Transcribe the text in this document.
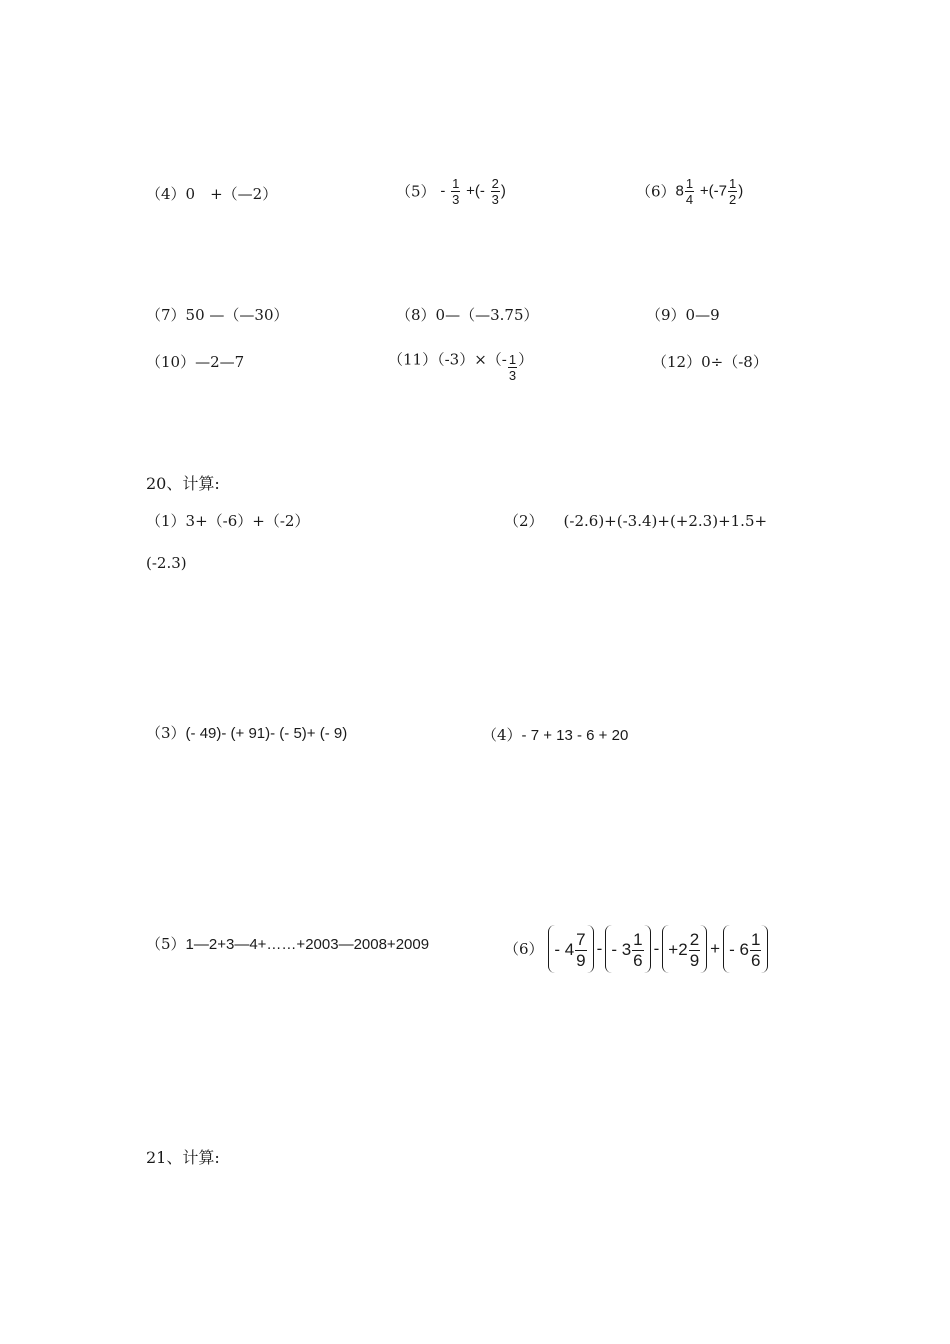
（4）0　+（—2）	$(5) - \frac{1}{3}$ +(- $\frac{2}{3}$ )	$(6)8 \frac{1}{4} +(-7 \frac{1}{2}$ )
（7）50 —（—30）	（8）0—（—3.75）	（9）0—9
（10）—2—7	$(11)(-3)\times(- \frac{1}{3}$ ）	（12）0÷（-8）
20、计算:
（1）3+（-6）+（-2）	（2） (-2.6)+(-3.4)+(+2.3)+1.5+
(-2.3)
（3）(- 49)- (+ 91)- (- 5)+ (- 9)	（4）- 7 + 13 - 6 + 20
（5）1—2+3—4+……+2003—2008+2009	$(6) - 4 \frac{7}{9}$ - - $3 \frac{1}{6} - +2 \frac{2}{9}$ + - $6 \frac{1}{6}$
21、计算:
